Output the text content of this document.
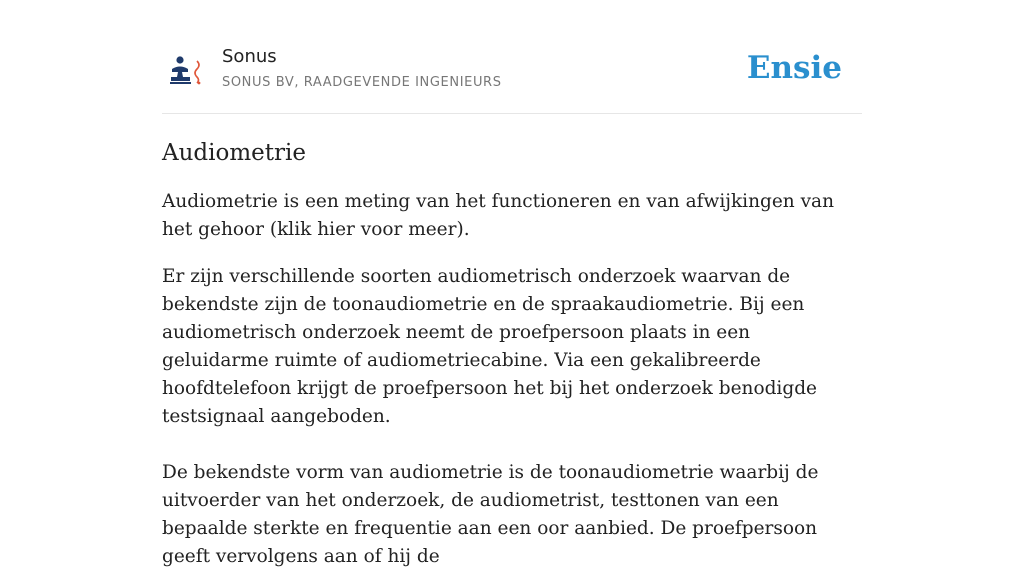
Sonus
SONUS BV, RAADGEVENDE INGENIEURS	Ensie
Audiometrie

Audiometrie is een meting van het functioneren en van afwijkingen van het gehoor (klik hier voor meer).

Er zijn verschillende soorten audiometrisch onderzoek waarvan de bekendste zijn de toonaudiometrie en de spraakaudiometrie. Bij een audiometrisch onderzoek neemt de proefpersoon plaats in een geluidarme ruimte of audiometriecabine. Via een gekalibreerde hoofdtelefoon krijgt de proefpersoon het bij het onderzoek benodigde testsignaal aangeboden.

De bekendste vorm van audiometrie is de toonaudiometrie waarbij de uitvoerder van het onderzoek, de audiometrist, testtonen van een bepaalde sterkte en frequentie aan een oor aanbied. De proefpersoon geeft vervolgens aan of hij de
